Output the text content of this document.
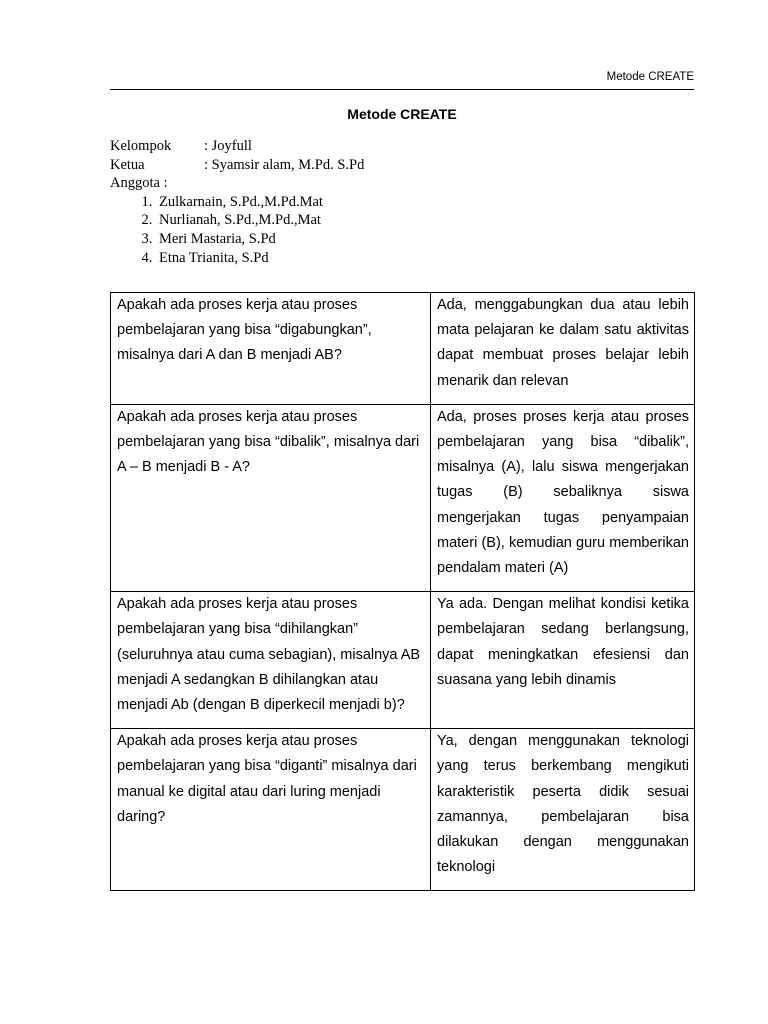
Metode CREATE
Metode CREATE
Kelompok	: Joyfull
Ketua	: Syamsir alam, M.Pd. S.Pd
Anggota :
1. Zulkarnain, S.Pd.,M.Pd.Mat
2. Nurlianah, S.Pd.,M.Pd.,Mat
3. Meri Mastaria, S.Pd
4. Etna Trianita, S.Pd
Apakah ada proses kerja atau proses pembelajaran yang bisa “digabungkan”, misalnya dari A dan B menjadi AB?	Ada, menggabungkan dua atau lebih mata pelajaran ke dalam satu aktivitas dapat membuat proses belajar lebih menarik dan relevan
Apakah ada proses kerja atau proses pembelajaran yang bisa “dibalik”, misalnya dari A – B menjadi B - A?	Ada, proses proses kerja atau proses pembelajaran yang bisa “dibalik”, misalnya (A), lalu siswa mengerjakan tugas (B) sebaliknya siswa mengerjakan tugas penyampaian materi (B), kemudian guru memberikan pendalam materi (A)
Apakah ada proses kerja atau proses pembelajaran yang bisa “dihilangkan” (seluruhnya atau cuma sebagian), misalnya AB menjadi A sedangkan B dihilangkan atau menjadi Ab (dengan B diperkecil menjadi b)?	Ya ada. Dengan melihat kondisi ketika pembelajaran sedang berlangsung, dapat meningkatkan efesiensi dan suasana yang lebih dinamis
Apakah ada proses kerja atau proses pembelajaran yang bisa “diganti” misalnya dari manual ke digital atau dari luring menjadi daring?	Ya, dengan menggunakan teknologi yang terus berkembang mengikuti karakteristik peserta didik sesuai zamannya, pembelajaran bisa dilakukan dengan menggunakan teknologi
